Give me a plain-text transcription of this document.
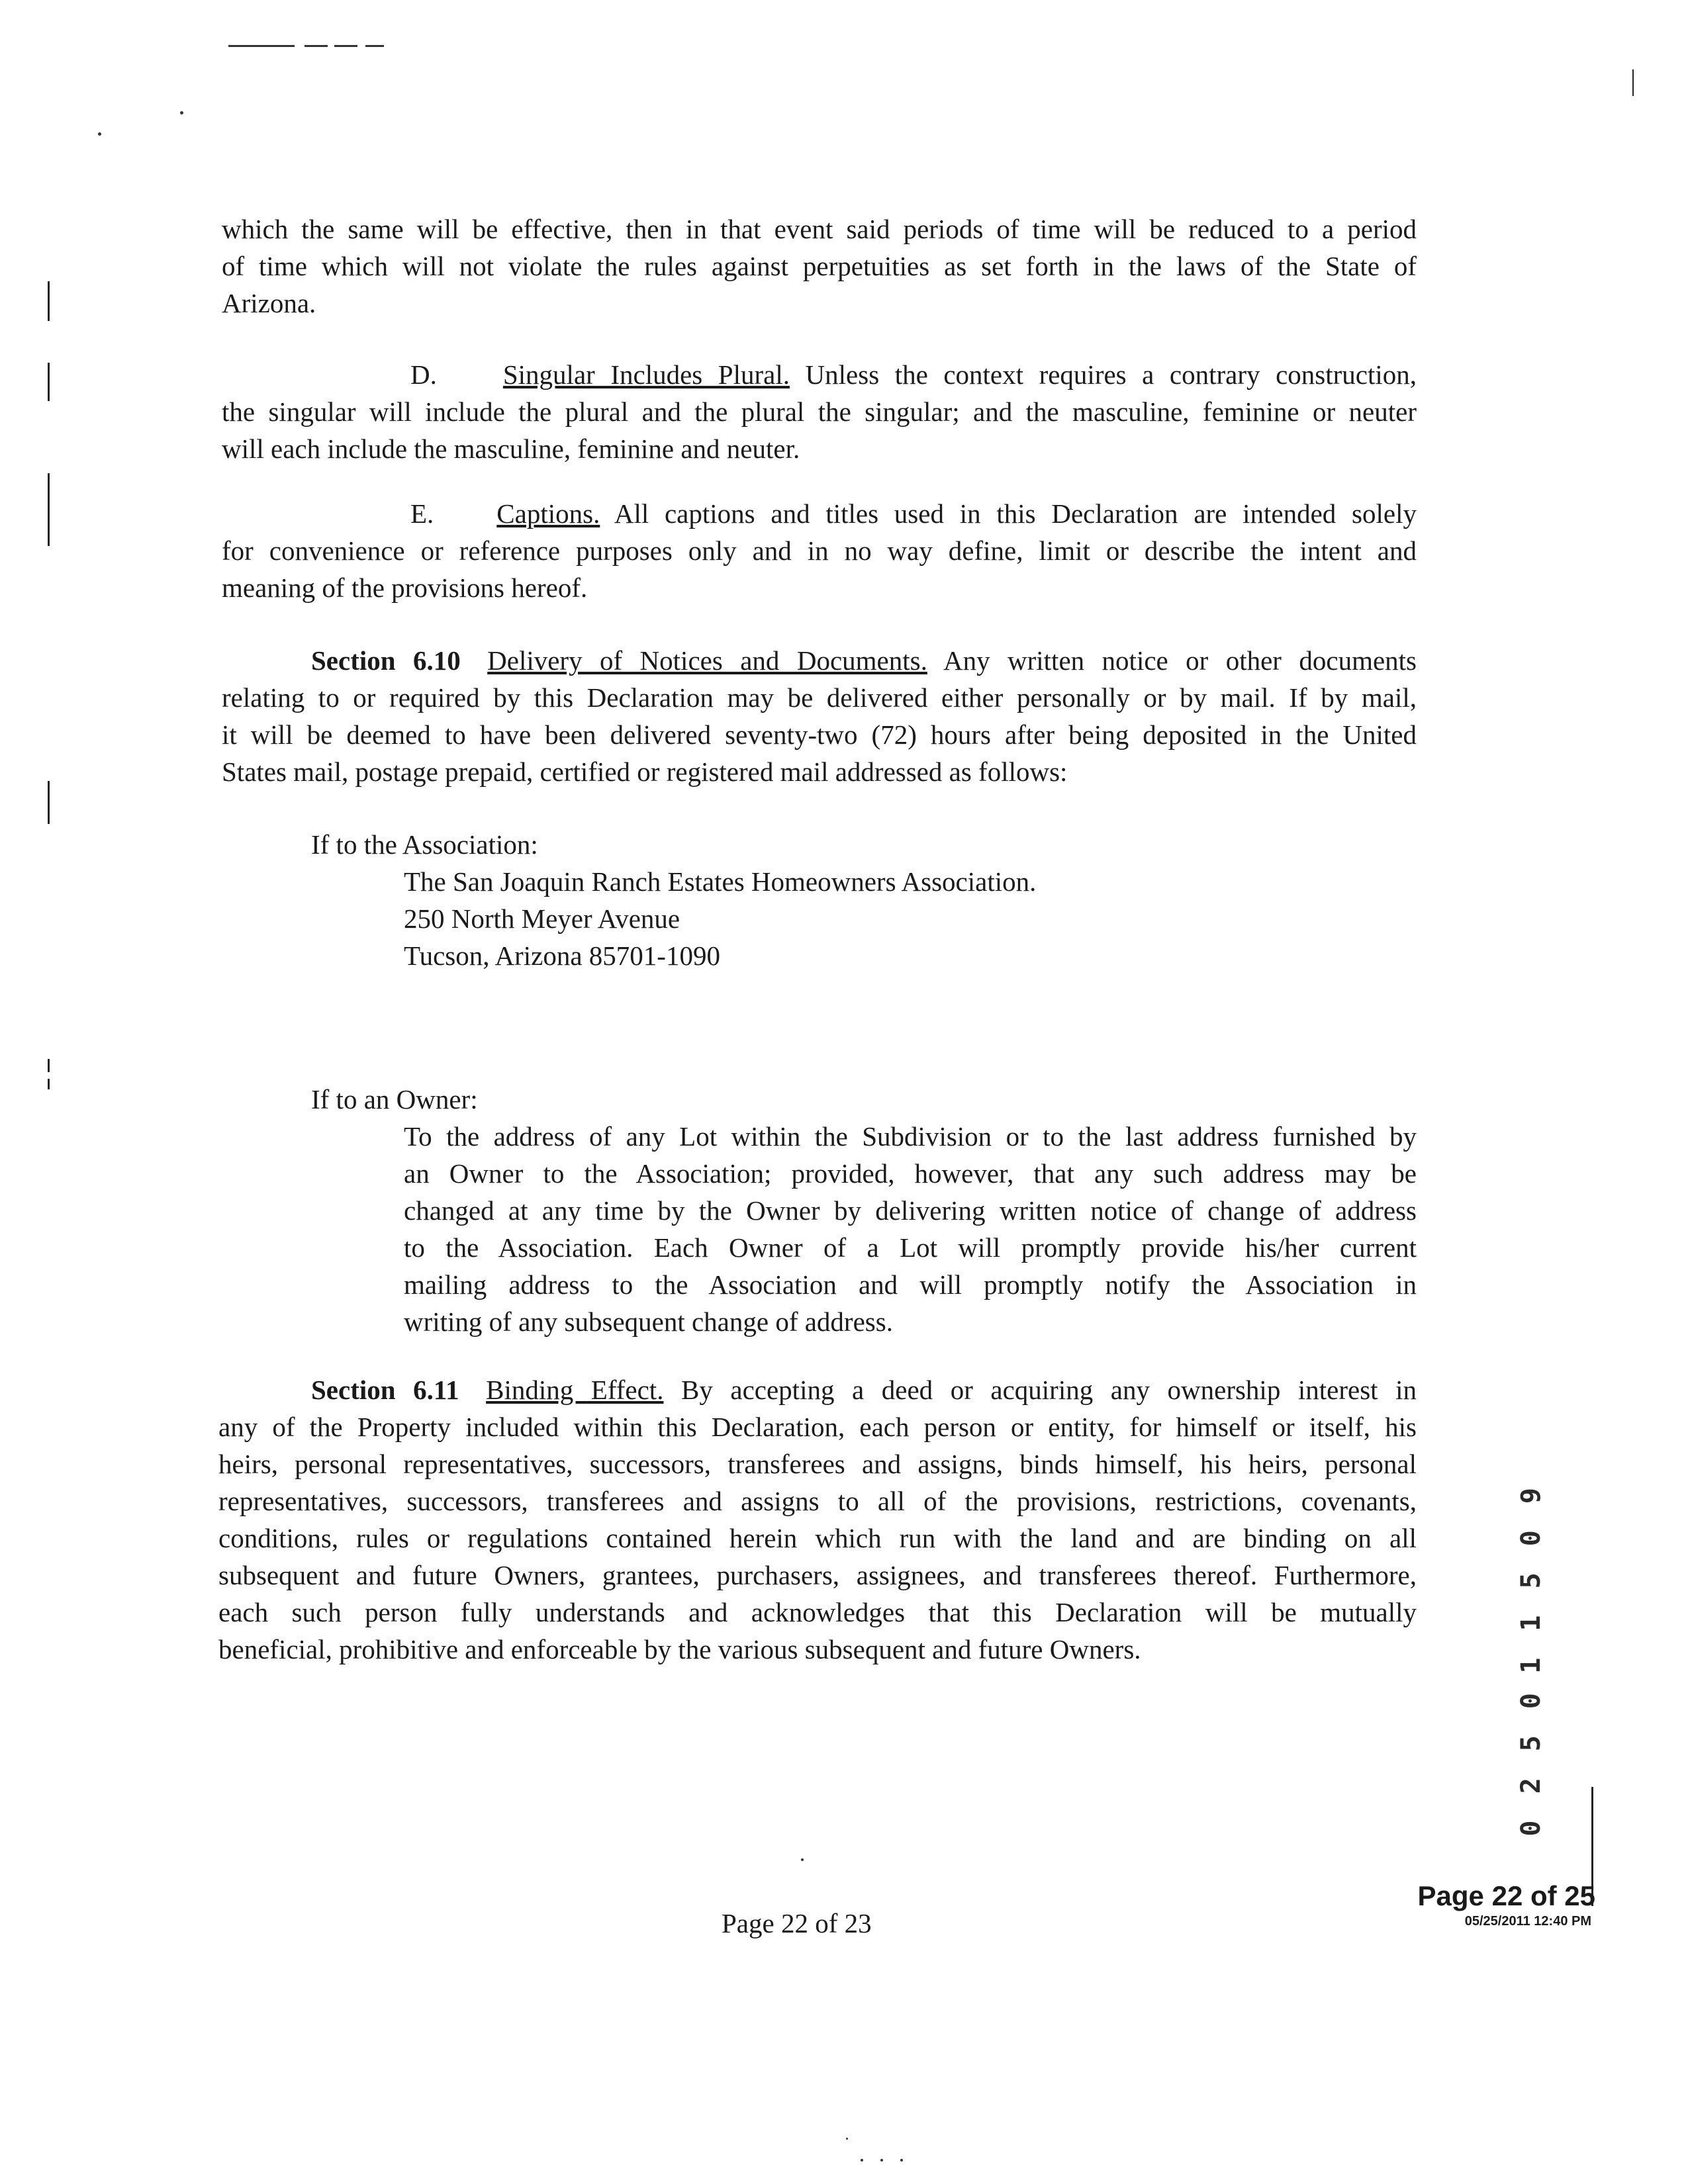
which the same will be effective, then in that event said periods of time will be reduced to a period
of time which will not violate the rules against perpetuities as set forth in the laws of the State of
Arizona.
D. Singular Includes Plural. Unless the context requires a contrary construction,
the singular will include the plural and the plural the singular; and the masculine, feminine or neuter
will each include the masculine, feminine and neuter.
E. Captions. All captions and titles used in this Declaration are intended solely
for convenience or reference purposes only and in no way define, limit or describe the intent and
meaning of the provisions hereof.
Section 6.10 Delivery of Notices and Documents. Any written notice or other documents
relating to or required by this Declaration may be delivered either personally or by mail. If by mail,
it will be deemed to have been delivered seventy-two (72) hours after being deposited in the United
States mail, postage prepaid, certified or registered mail addressed as follows:
If to the Association:
The San Joaquin Ranch Estates Homeowners Association.
250 North Meyer Avenue
Tucson, Arizona 85701-1090
If to an Owner:
To the address of any Lot within the Subdivision or to the last address furnished by
an Owner to the Association; provided, however, that any such address may be
changed at any time by the Owner by delivering written notice of change of address
to the Association. Each Owner of a Lot will promptly provide his/her current
mailing address to the Association and will promptly notify the Association in
writing of any subsequent change of address.
Section 6.11 Binding Effect. By accepting a deed or acquiring any ownership interest in
any of the Property included within this Declaration, each person or entity, for himself or itself, his
heirs, personal representatives, successors, transferees and assigns, binds himself, his heirs, personal
representatives, successors, transferees and assigns to all of the provisions, restrictions, covenants,
conditions, rules or regulations contained herein which run with the land and are binding on all
subsequent and future Owners, grantees, purchasers, assignees, and transferees thereof. Furthermore,
each such person fully understands and acknowledges that this Declaration will be mutually
beneficial, prohibitive and enforceable by the various subsequent and future Owners.	1 1 5 0 9
0 2 5 0
Page 22 of 23
Page 22 of 25
05/25/2011 12:40 PM
